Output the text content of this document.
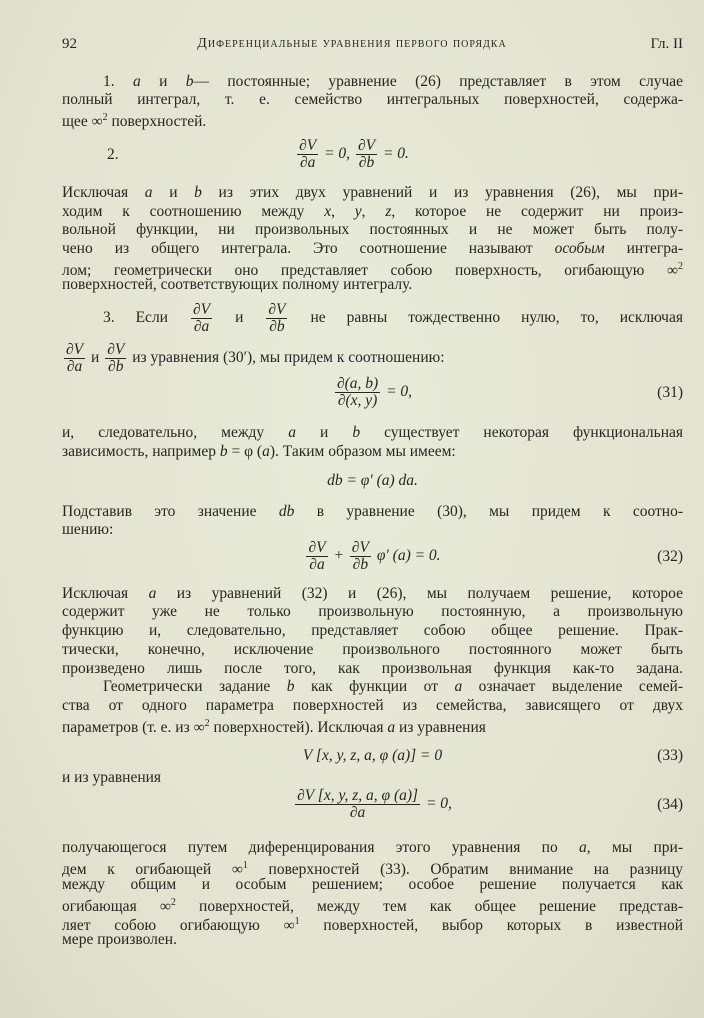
92	Диференциальные уравнения первого порядка	Гл. II
1. a и b— постоянные; уравнение (26) представляет в этом случае
полный интеграл, т. е. семейство интегральных поверхностей, содержа-
щее ∞$^2$ поверхностей.
2.	$\frac{\partial V}{\partial a} = 0$, $\frac{\partial V}{\partial b} = 0$.
Исключая a и b из этих двух уравнений и из уравнения (26), мы при-
ходим к соотношению между x, y, z, которое не содержит ни произ-
вольной функции, ни произвольных постоянных и не может быть полу-
чено из общего интеграла. Это соотношение называют особым интегра-
лом; геометрически оно представляет собою поверхность, огибающую ∞$^2$
поверхностей, соответствующих полному интегралу.
3. Если $\frac{\partial V}{\partial a}$ и $\frac{\partial V}{\partial b}$ не равны тождественно нулю, то, исключая
$\frac{\partial V}{\partial a}$ и $\frac{\partial V}{\partial b}$ из уравнения (30′), мы придем к соотношению:
$\frac{\partial(a, b)}{\partial(x, y)} = 0$,	(31)
и, следовательно, между a и b существует некоторая функциональная
зависимость, например b = φ (a). Таким образом мы имеем:
db = φ′ (a) da.
Подставив это значение db в уравнение (30), мы придем к соотно-
шению:
$\frac{\partial V}{\partial a} + \frac{\partial V}{\partial b} \varphi'$ (a) = 0.	(32)
Исключая a из уравнений (32) и (26), мы получаем решение, которое
содержит уже не только произвольную постоянную, а произвольную
функцию и, следовательно, представляет собою общее решение. Прак-
тически, конечно, исключение произвольного постоянного может быть
произведено лишь после того, как произвольная функция как-то задана.
Геометрически задание b как функции от a означает выделение семей-
ства от одного параметра поверхностей из семейства, зависящего от двух
параметров (т. е. из ∞$^2$ поверхностей). Исключая a из уравнения
V [x, y, z, a, φ (a)] = 0	(33)
и из уравнения
$\frac{\partial V [x, y, z, a, \varphi (a)]}{\partial a} = 0$,	(34)
получающегося путем диференцирования этого уравнения по a, мы при-
дем к огибающей ∞$^1$ поверхностей (33). Обратим внимание на разницу
между общим и особым решением; особое решение получается как
огибающая ∞$^2$ поверхностей, между тем как общее решение представ-
ляет собою огибающую ∞$^1$ поверхностей, выбор которых в известной
мере произволен.
